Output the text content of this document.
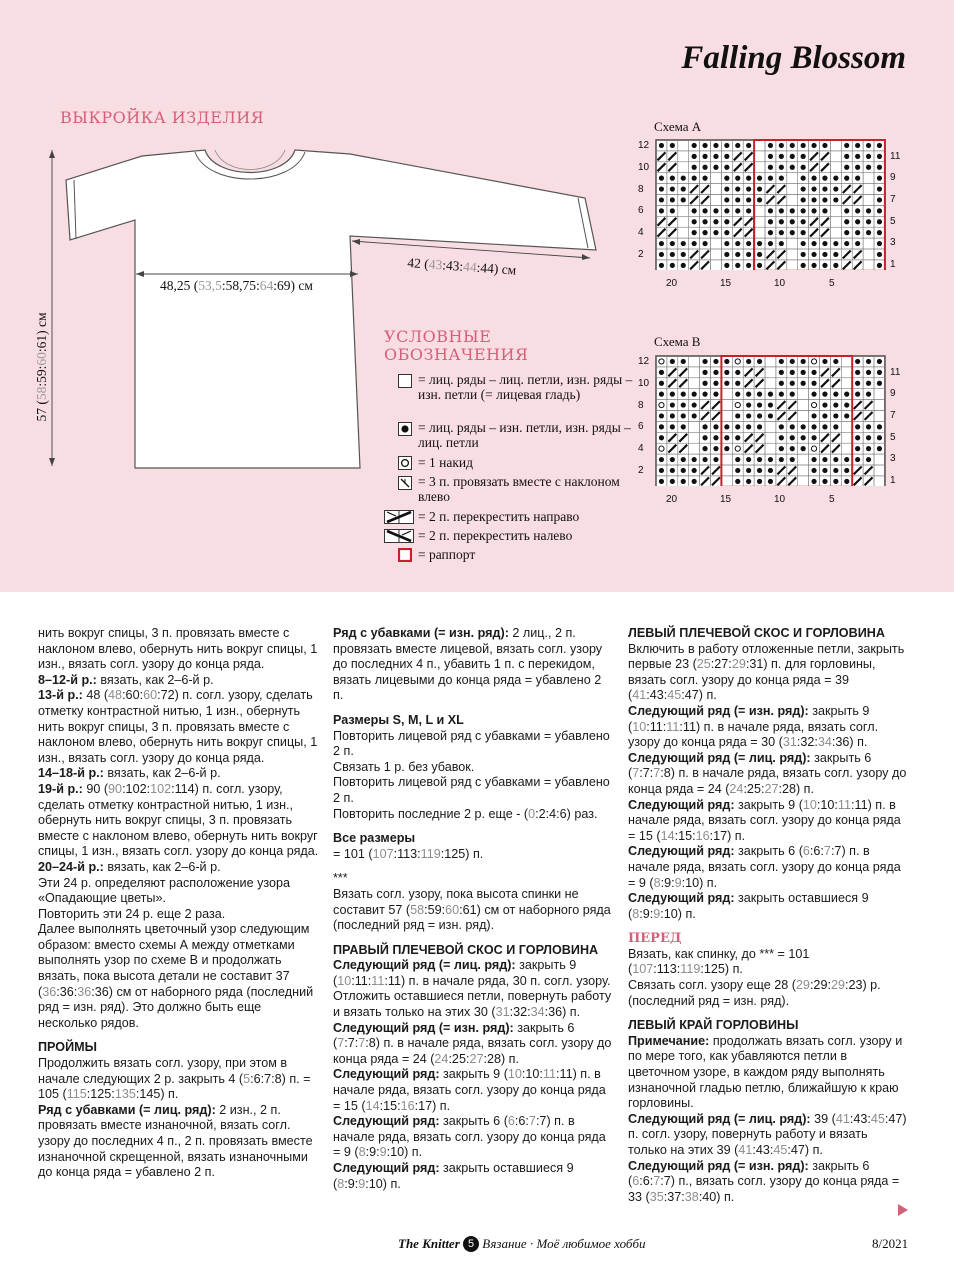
Falling Blossom
ВЫКРОЙКА ИЗДЕЛИЯ
48,25 (53,5:58,75:64:69) см
42 (43:43:44:44) см
57 (58:59:60:61) см	УСЛОВНЫЕ
ОБОЗНАЧЕНИЯ
= лиц. ряды – лиц. петли, изн. ряды – изн. петли (= лицевая гладь)
= лиц. ряды – изн. петли, изн. ряды – лиц. петли
= 1 накид
= 3 п. провязать вместе с наклоном влево
= 2 п. перекрестить направо
= 2 п. перекрестить налево
= раппорт
Схема А
12
10
8
6
4
2
11
9
7
5
3
1
20	15	10	5
Схема В
12
10
8
6
4
2
11
9
7
5
3
1
20	15	10	5

нить вокруг спицы, 3 п. провязать вместе с наклоном влево, обернуть нить вокруг спицы, 1 изн., вязать согл. узору до конца ряда.

8–12-й р.: вязать, как 2–6-й р.

13-й р.: 48 (48:60:60:72) п. согл. узору, сделать отметку контрастной нитью, 1 изн., обернуть нить вокруг спицы, 3 п. провязать вместе с наклоном влево, обернуть нить вокруг спицы, 1 изн., вязать согл. узору до конца ряда.

14–18-й р.: вязать, как 2–6-й р.

19-й р.: 90 (90:102:102:114) п. согл. узору, сделать отметку контрастной нитью, 1 изн., обернуть нить вокруг спицы, 3 п. провязать вместе с наклоном влево, обернуть нить вокруг спицы, 1 изн., вязать согл. узору до конца ряда.

20–24-й р.: вязать, как 2–6-й р.

Эти 24 р. определяют расположение узора «Опадающие цветы».

Повторить эти 24 р. еще 2 раза.

Далее выполнять цветочный узор следующим образом: вместо схемы А между отметками выполнять узор по схеме В и продолжать вязать, пока высота детали не составит 37 (36:36:36:36) см от наборного ряда (последний ряд = изн. ряд). Это должно быть еще несколько рядов.

ПРОЙМЫ

Продолжить вязать согл. узору, при этом в начале следующих 2 р. закрыть 4 (5:6:7:8) п. = 105 (115:125:135:145) п.

Ряд с убавками (= лиц. ряд): 2 изн., 2 п. провязать вместе изнаночной, вязать согл. узору до последних 4 п., 2 п. провязать вместе изнаночной скрещенной, вязать изнаночными до конца ряда = убавлено 2 п.

Ряд с убавками (= изн. ряд): 2 лиц., 2 п. провязать вместе лицевой, вязать согл. узору до последних 4 п., убавить 1 п. с перекидом, вязать лицевыми до конца ряда = убавлено 2 п.

Размеры S, M, L и XL

Повторить лицевой ряд с убавками = убавлено 2 п.

Связать 1 р. без убавок.

Повторить лицевой ряд с убавками = убавлено 2 п.

Повторить последние 2 р. еще - (0:2:4:6) раз.

Все размеры

= 101 (107:113:119:125) п.

***

Вязать согл. узору, пока высота спинки не составит 57 (58:59:60:61) см от наборного ряда (последний ряд = изн. ряд).

ПРАВЫЙ ПЛЕЧЕВОЙ СКОС И ГОРЛОВИНА

Следующий ряд (= лиц. ряд): закрыть 9 (10:11:11:11) п. в начале ряда, 30 п. согл. узору. Отложить оставшиеся петли, повернуть работу и вязать только на этих 30 (31:32:34:36) п.

Следующий ряд (= изн. ряд): закрыть 6 (7:7:7:8) п. в начале ряда, вязать согл. узору до конца ряда = 24 (24:25:27:28) п.

Следующий ряд: закрыть 9 (10:10:11:11) п. в начале ряда, вязать согл. узору до конца ряда = 15 (14:15:16:17) п.

Следующий ряд: закрыть 6 (6:6:7:7) п. в начале ряда, вязать согл. узору до конца ряда = 9 (8:9:9:10) п.

Следующий ряд: закрыть оставшиеся 9 (8:9:9:10) п.

ЛЕВЫЙ ПЛЕЧЕВОЙ СКОС И ГОРЛОВИНА

Включить в работу отложенные петли, закрыть первые 23 (25:27:29:31) п. для горловины, вязать согл. узору до конца ряда = 39 (41:43:45:47) п.

Следующий ряд (= изн. ряд): закрыть 9 (10:11:11:11) п. в начале ряда, вязать согл. узору до конца ряда = 30 (31:32:34:36) п.

Следующий ряд (= лиц. ряд): закрыть 6 (7:7:7:8) п. в начале ряда, вязать согл. узору до конца ряда = 24 (24:25:27:28) п.

Следующий ряд: закрыть 9 (10:10:11:11) п. в начале ряда, вязать согл. узору до конца ряда = 15 (14:15:16:17) п.

Следующий ряд: закрыть 6 (6:6:7:7) п. в начале ряда, вязать согл. узору до конца ряда = 9 (8:9:9:10) п.

Следующий ряд: закрыть оставшиеся 9 (8:9:9:10) п.

ПЕРЕД

Вязать, как спинку, до *** = 101 (107:113:119:125) п.

Связать согл. узору еще 28 (29:29:29:23) р. (последний ряд = изн. ряд).

ЛЕВЫЙ КРАЙ ГОРЛОВИНЫ

Примечание: продолжать вязать согл. узору и по мере того, как убавляются петли в цветочном узоре, в каждом ряду выполнять изнаночной гладью петлю, ближайшую к краю горловины.

Следующий ряд (= лиц. ряд): 39 (41:43:45:47) п. согл. узору, повернуть работу и вязать только на этих 39 (41:43:45:47) п.

Следующий ряд (= изн. ряд): закрыть 6 (6:6:7:7) п., вязать согл. узору до конца ряда = 33 (35:37:38:40) п.

The Knitter 5 Вязание · Моё любимое хобби	8/2021
